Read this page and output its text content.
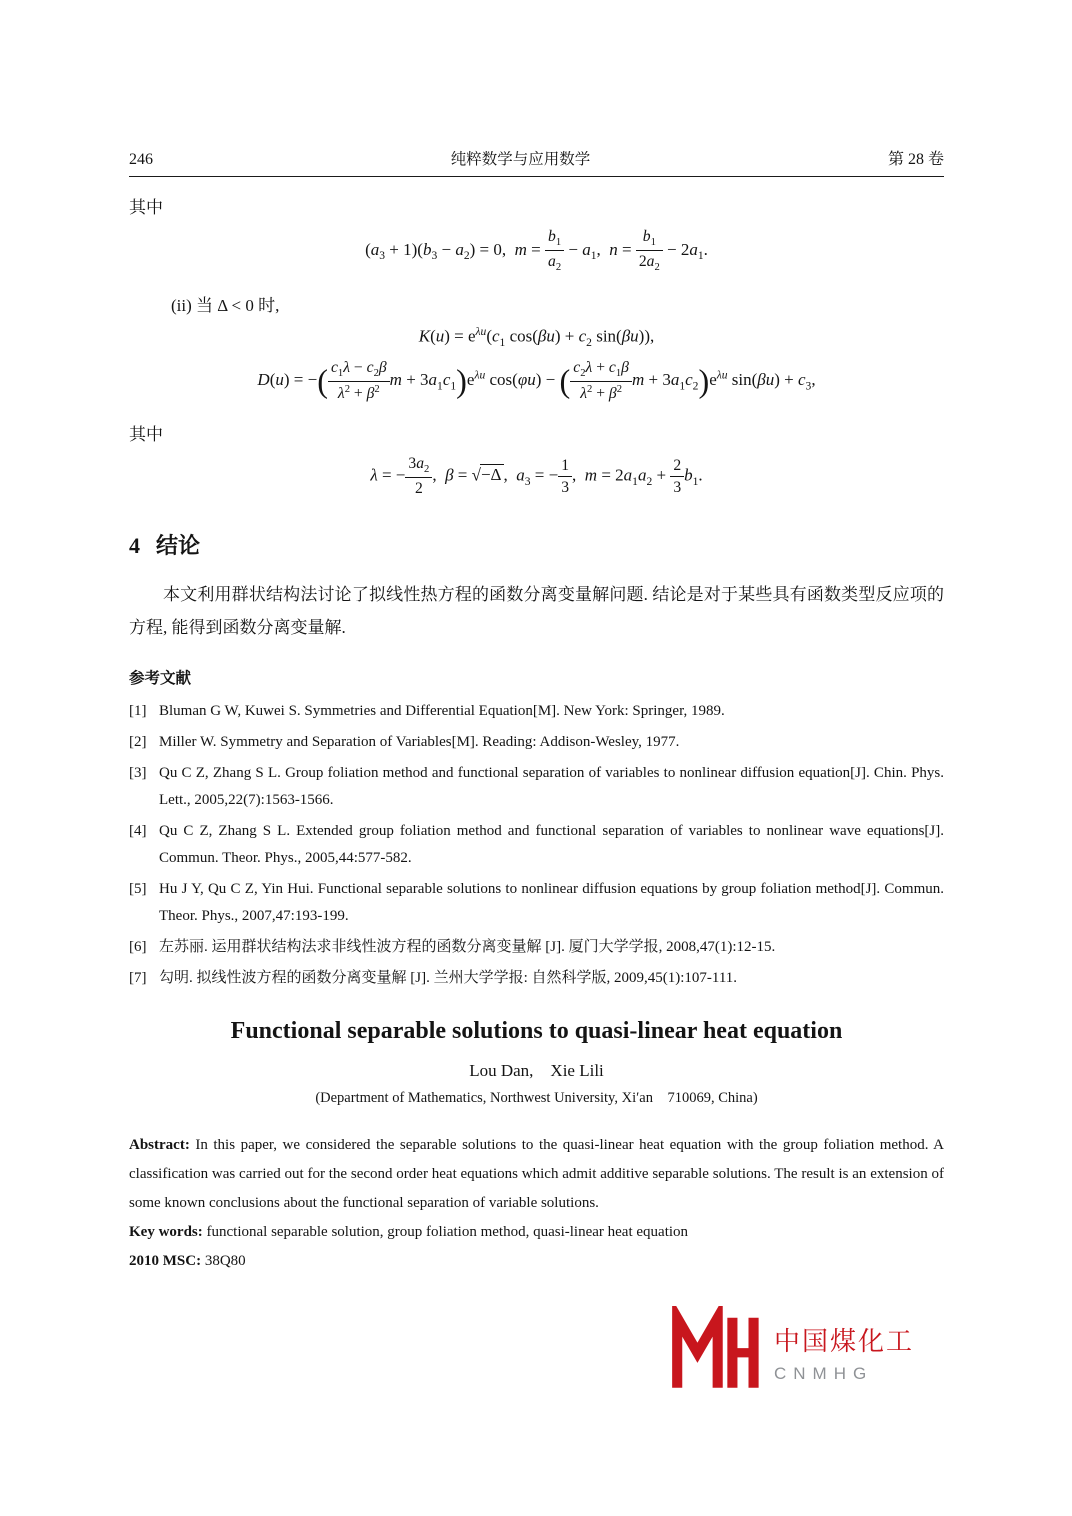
246	纯粹数学与应用数学	第 28 卷
其中
$(a_3 + 1)(b_3 - a_2) = 0$,  $m = \frac{b_1}{a_2} - a_1$,  $n = \frac{b_1}{2a_2} - 2a_1$.
(ii) 当 Δ < 0 时,
$K(u) = e^{\lambda u}(c_1$ $\cos(\beta u) + c_2$ sin(βu)),
D(u) = −( $\frac{c_1\lambda - c_2\beta}{\lambda^2 + \beta^2}$ $m + 3a_1c_1)e^{\lambda u}$ cos(φu) − ( $\frac{c_2\lambda + c_1\beta}{\lambda^2 + \beta^2}$ $m + 3a_1c_2)e^{\lambda u}$ $\sin(\beta u) + c_3$,
其中
λ = − $\frac{3a_2}{2}$ ,  β = √−Δ ,  $a_3$ = − $\frac{1}{3}$ ,  $m = 2a_1a_2 + \frac{2}{3} b_1$.
4 结论
本文利用群状结构法讨论了拟线性热方程的函数分离变量解问题. 结论是对于某些具有函数类型反应项的方程, 能得到函数分离变量解.
参考文献
[1] Bluman G W, Kuwei S. Symmetries and Differential Equation[M]. New York: Springer, 1989.
[2] Miller W. Symmetry and Separation of Variables[M]. Reading: Addison-Wesley, 1977.
[3] Qu C Z, Zhang S L. Group foliation method and functional separation of variables to nonlinear diffusion equation[J]. Chin. Phys. Lett., 2005,22(7):1563-1566.
[4] Qu C Z, Zhang S L. Extended group foliation method and functional separation of variables to nonlinear wave equations[J]. Commun. Theor. Phys., 2005,44:577-582.
[5] Hu J Y, Qu C Z, Yin Hui. Functional separable solutions to nonlinear diffusion equations by group foliation method[J]. Commun. Theor. Phys., 2007,47:193-199.
[6] 左苏丽. 运用群状结构法求非线性波方程的函数分离变量解 [J]. 厦门大学学报, 2008,47(1):12-15.
[7] 勾明. 拟线性波方程的函数分离变量解 [J]. 兰州大学学报: 自然科学版, 2009,45(1):107-111.
Functional separable solutions to quasi-linear heat equation
Lou Dan, Xie Lili
(Department of Mathematics, Northwest University, Xi′an 710069, China)
Abstract: In this paper, we considered the separable solutions to the quasi-linear heat equation with the group foliation method. A classification was carried out for the second order heat equations which admit additive separable solutions. The result is an extension of some known conclusions about the functional separation of variable solutions.
Key words: functional separable solution, group foliation method, quasi-linear heat equation
2010 MSC: 38Q80
中国煤化工
CNMHG
